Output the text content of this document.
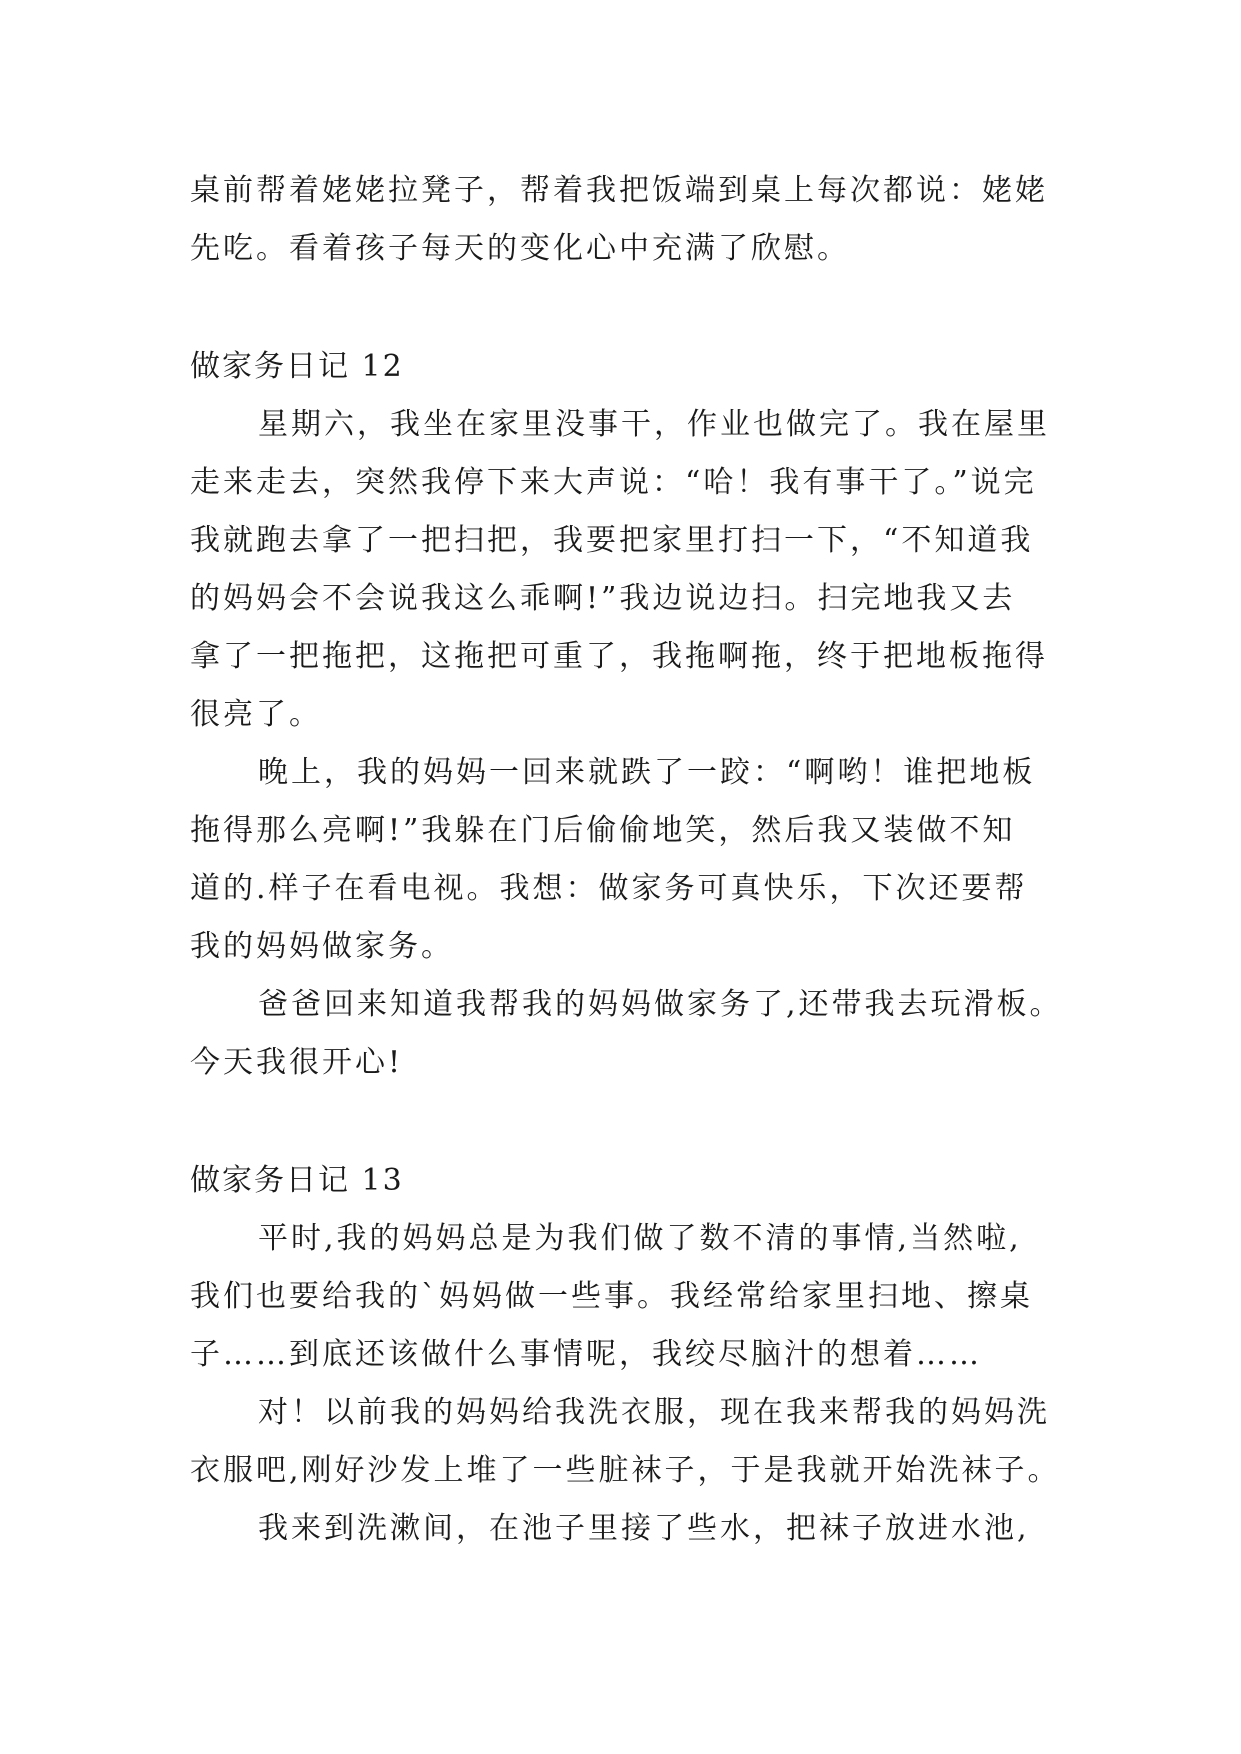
桌前帮着姥姥拉凳子，帮着我把饭端到桌上每次都说：姥姥
先吃。看着孩子每天的变化心中充满了欣慰。
做家务日记 12
星期六，我坐在家里没事干，作业也做完了。我在屋里
走来走去，突然我停下来大声说：“哈！我有事干了。”说完
我就跑去拿了一把扫把，我要把家里打扫一下，“不知道我
的妈妈会不会说我这么乖啊!”我边说边扫。扫完地我又去
拿了一把拖把，这拖把可重了，我拖啊拖，终于把地板拖得
很亮了。
晚上，我的妈妈一回来就跌了一跤：“啊哟！谁把地板
拖得那么亮啊!”我躲在门后偷偷地笑，然后我又装做不知
道的.样子在看电视。我想：做家务可真快乐，下次还要帮
我的妈妈做家务。
爸爸回来知道我帮我的妈妈做家务了,还带我去玩滑板。
今天我很开心!
做家务日记 13
平时,我的妈妈总是为我们做了数不清的事情,当然啦,
我们也要给我的`妈妈做一些事。我经常给家里扫地、擦桌
子……到底还该做什么事情呢，我绞尽脑汁的想着……
对！以前我的妈妈给我洗衣服，现在我来帮我的妈妈洗
衣服吧,刚好沙发上堆了一些脏袜子，于是我就开始洗袜子。
我来到洗漱间，在池子里接了些水，把袜子放进水池,
